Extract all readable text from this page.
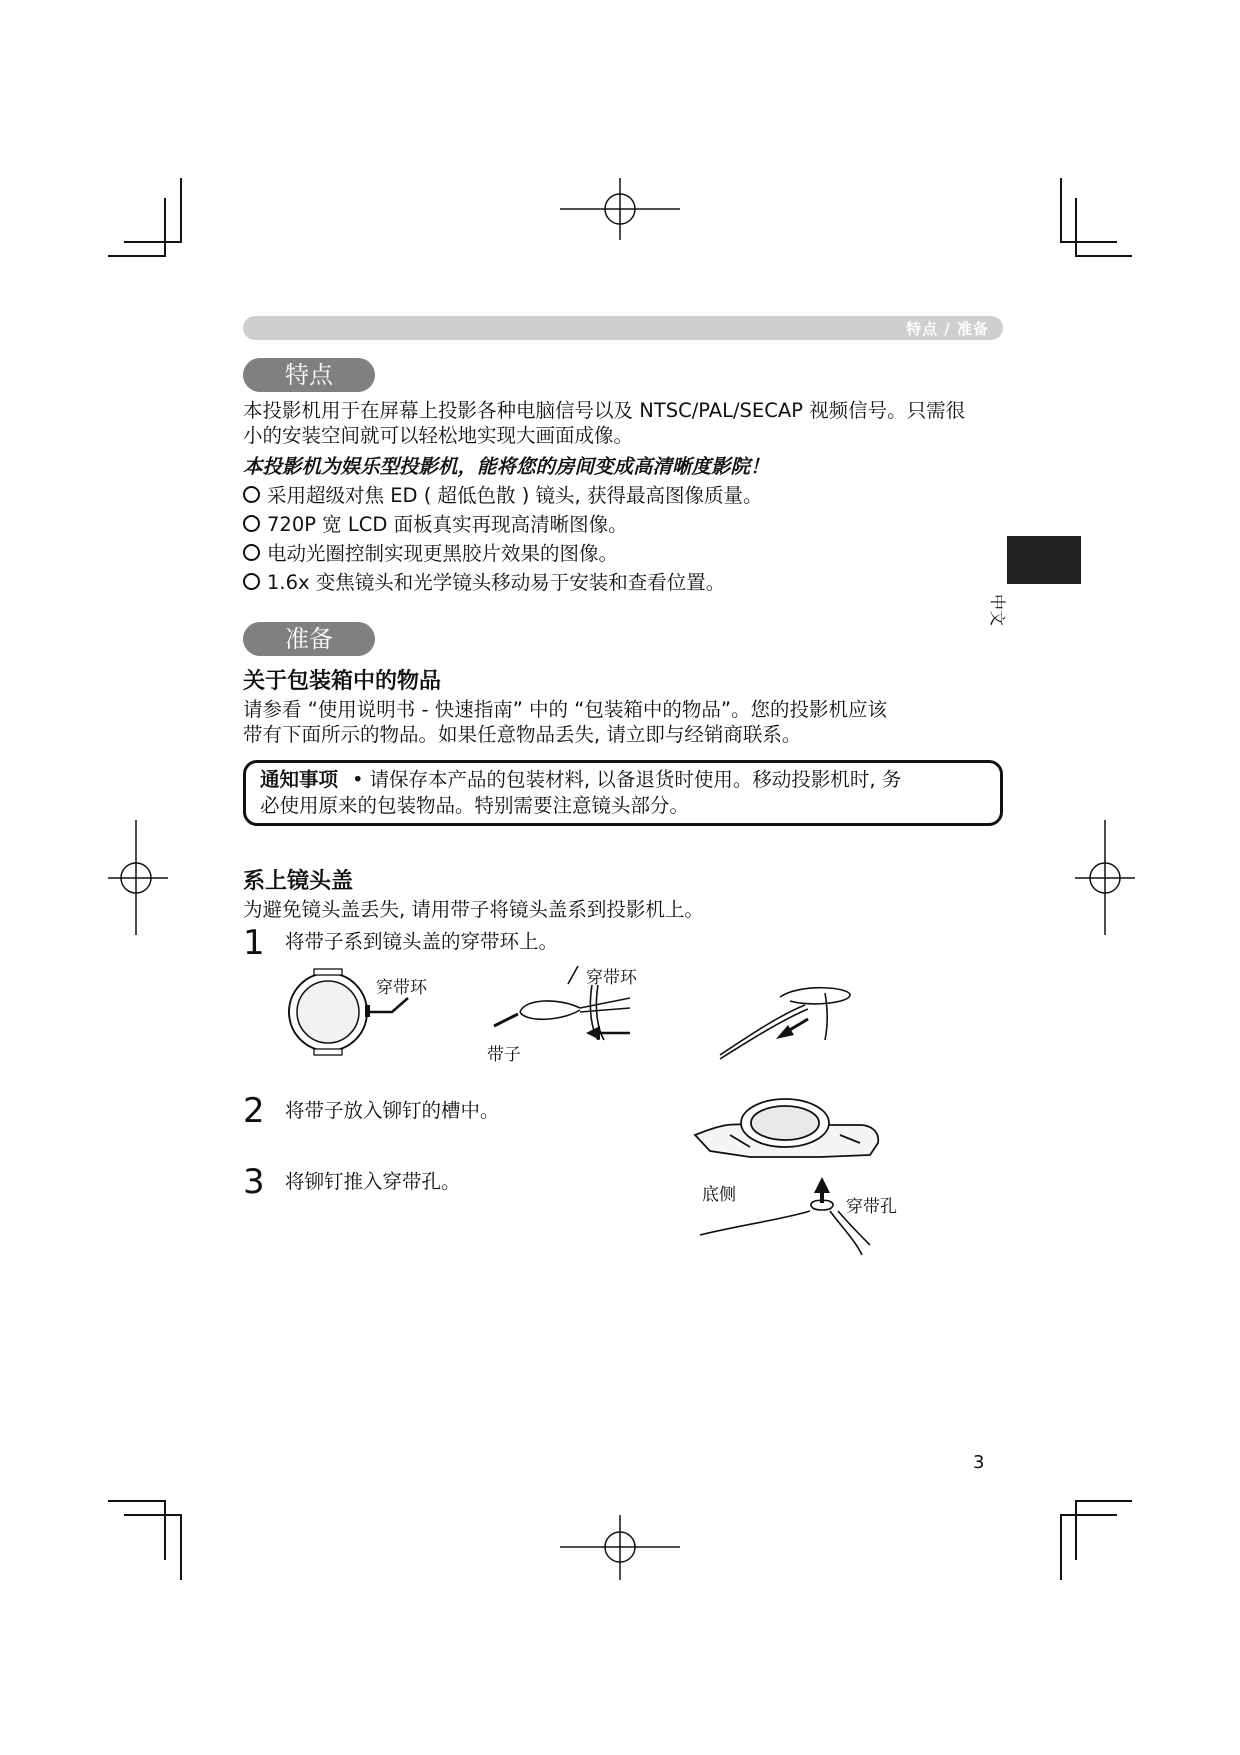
特点 / 准备
中文
特点
本投影机用于在屏幕上投影各种电脑信号以及 NTSC/PAL/SECAP 视频信号。只需很
小的安装空间就可以轻松地实现大画面成像。
本投影机为娱乐型投影机，能将您的房间变成高清晰度影院！
采用超级对焦 ED ( 超低色散 ) 镜头, 获得最高图像质量。
720P 宽 LCD 面板真实再现高清晰图像。
电动光圈控制实现更黑胶片效果的图像。
1.6x 变焦镜头和光学镜头移动易于安装和查看位置。
准备
关于包装箱中的物品
请参看 “使用说明书 - 快速指南” 中的 “包装箱中的物品”。您的投影机应该
带有下面所示的物品。如果任意物品丢失, 请立即与经销商联系。
通知事项 • 请保存本产品的包装材料, 以备退货时使用。移动投影机时, 务
必使用原来的包装物品。特别需要注意镜头部分。
系上镜头盖
为避免镜头盖丢失, 请用带子将镜头盖系到投影机上。
1 将带子系到镜头盖的穿带环上。
2 将带子放入铆钉的槽中。
3 将铆钉推入穿带孔。
穿带环	穿带环
带子
底侧
穿带孔
3
